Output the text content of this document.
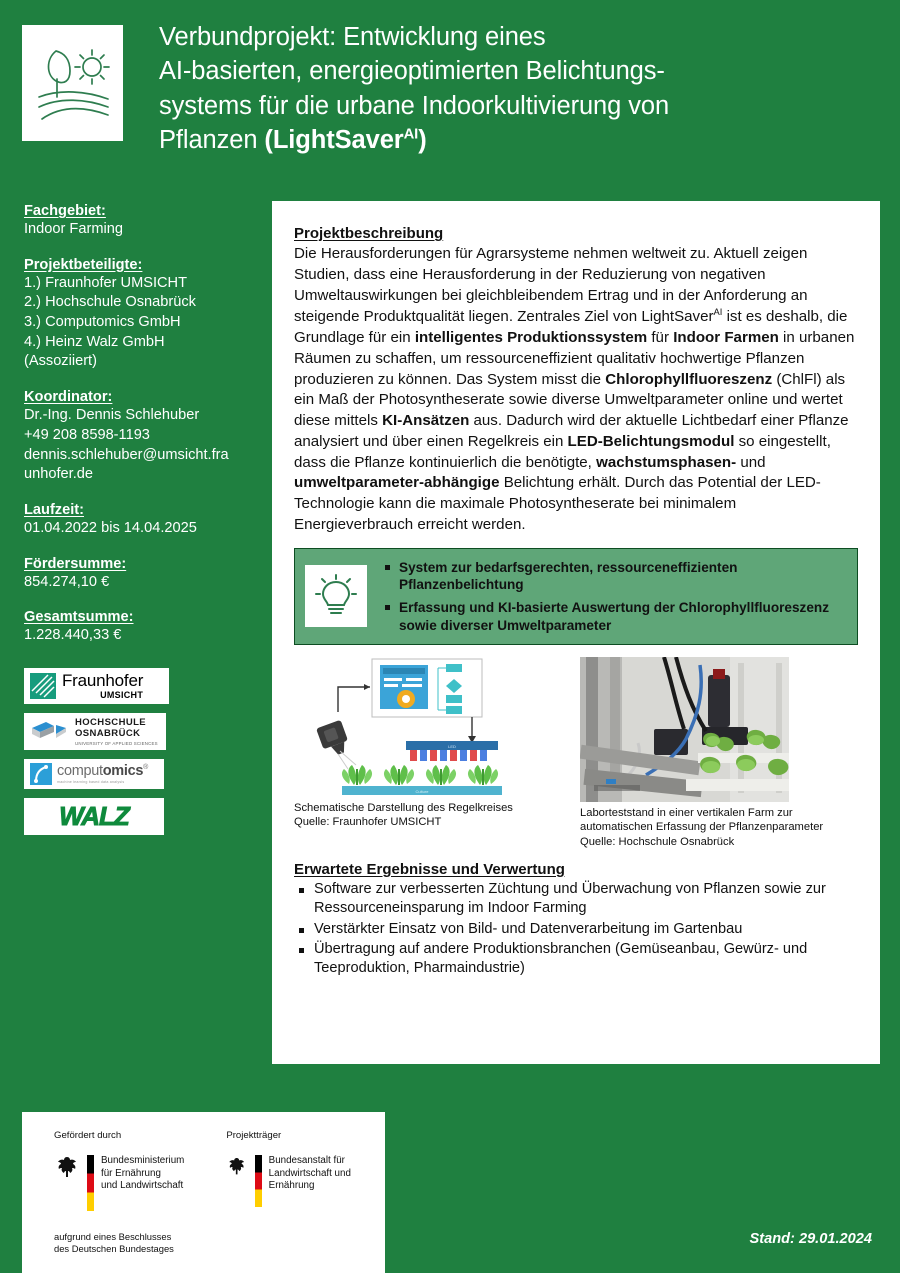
Verbundprojekt: Entwicklung eines
AI-basierten, energieoptimierten Belichtungs-
systems für die urbane Indoorkultivierung von
Pflanzen (LightSaver$^{AI}$)
Fachgebiet:
Indoor Farming
Projektbeteiligte:
1.) Fraunhofer UMSICHT
2.) Hochschule Osnabrück
3.) Computomics GmbH
4.) Heinz Walz GmbH
(Assoziiert)
Koordinator:
Dr.-Ing. Dennis Schlehuber
+49 208 8598-1193
dennis.schlehuber@umsicht.fra
unhofer.de
Laufzeit:
01.04.2022 bis 14.04.2025
Fördersumme:
854.274,10 €
Gesamtsumme:
1.228.440,33 €
Fraunhofer
UMSICHT
HOCHSCHULE
OSNABRÜCK
UNIVERSITY OF APPLIED SCIENCES
computomics®
machine learning based data analysis
WALZ
Projektbeschreibung

Die Herausforderungen für Agrarsysteme nehmen weltweit zu. Aktuell zeigen Studien, dass eine Herausforderung in der Reduzierung von negativen Umweltauswirkungen bei gleichbleibendem Ertrag und in der Anforderung an steigende Produktqualität liegen. Zentrales Ziel von LightSaver$^{AI}$ ist es deshalb, die Grundlage für ein intelligentes Produktionssystem für Indoor Farmen in urbanen Räumen zu schaffen, um ressourceneffizient qualitativ hochwertige Pflanzen produzieren zu können. Das System misst die Chlorophyllfluoreszenz (ChlFl) als ein Maß der Photosyntheserate sowie diverse Umweltparameter online und wertet diese mittels KI-Ansätzen aus. Dadurch wird der aktuelle Lichtbedarf einer Pflanze analysiert und über einen Regelkreis ein LED-Belichtungsmodul so eingestellt, dass die Pflanze kontinuierlich die benötigte, wachstumsphasen- und umweltparameter-abhängige Belichtung erhält. Durch das Potential der LED-Technologie kann die maximale Photosyntheserate bei minimalem Energieverbrauch erreicht werden.

System zur bedarfsgerechten, ressourceneffizienten Pflanzenbelichtung
Erfassung und KI-basierte Auswertung der Chlorophyllfluoreszenz sowie diverser Umweltparameter
LED
Culture
Schematische Darstellung des Regelkreises
Quelle: Fraunhofer UMSICHT
Laborteststand in einer vertikalen Farm zur
automatischen Erfassung der Pflanzenparameter
Quelle: Hochschule Osnabrück
Erwartete Ergebnisse und Verwertung
Software zur verbesserten Züchtung und Überwachung von Pflanzen sowie zur Ressourceneinsparung im Indoor Farming
Verstärkter Einsatz von Bild- und Datenverarbeitung im Gartenbau
Übertragung auf andere Produktionsbranchen (Gemüseanbau, Gewürz- und Teeproduktion, Pharmaindustrie)
Gefördert durch
Bundesministerium
für Ernährung
und Landwirtschaft
aufgrund eines Beschlusses
des Deutschen Bundestages
Projektträger
Bundesanstalt für
Landwirtschaft und Ernährung
Stand: 29.01.2024
